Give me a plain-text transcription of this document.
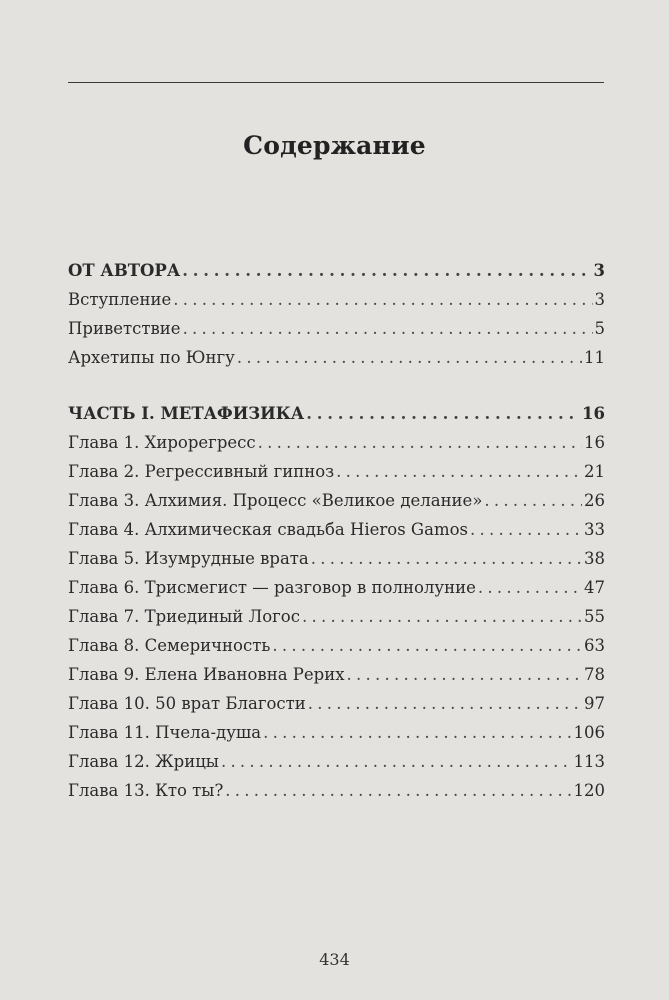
Содержание
ОТ АВТОРА . . .	3
Вступление . . .	3
Приветствие . . .	5
Архетипы по Юнгу . . .	11
ЧАСТЬ I. МЕТАФИЗИКА . . .	16
Глава 1. Хирорегресс . . .	16
Глава 2. Регрессивный гипноз . . .	21
Глава 3. Алхимия. Процесс «Великое делание» . . .	26
Глава 4. Алхимическая свадьба Hieros Gamos . . .	33
Глава 5. Изумрудные врата . . .	38
Глава 6. Трисмегист — разговор в полнолуние . . .	47
Глава 7. Триединый Логос . . .	55
Глава 8. Семеричность . . .	63
Глава 9. Елена Ивановна Рерих . . .	78
Глава 10. 50 врат Благости . . .	97
Глава 11. Пчела-душа . . .	106
Глава 12. Жрицы . . .	113
Глава 13. Кто ты? . . .	120
434
